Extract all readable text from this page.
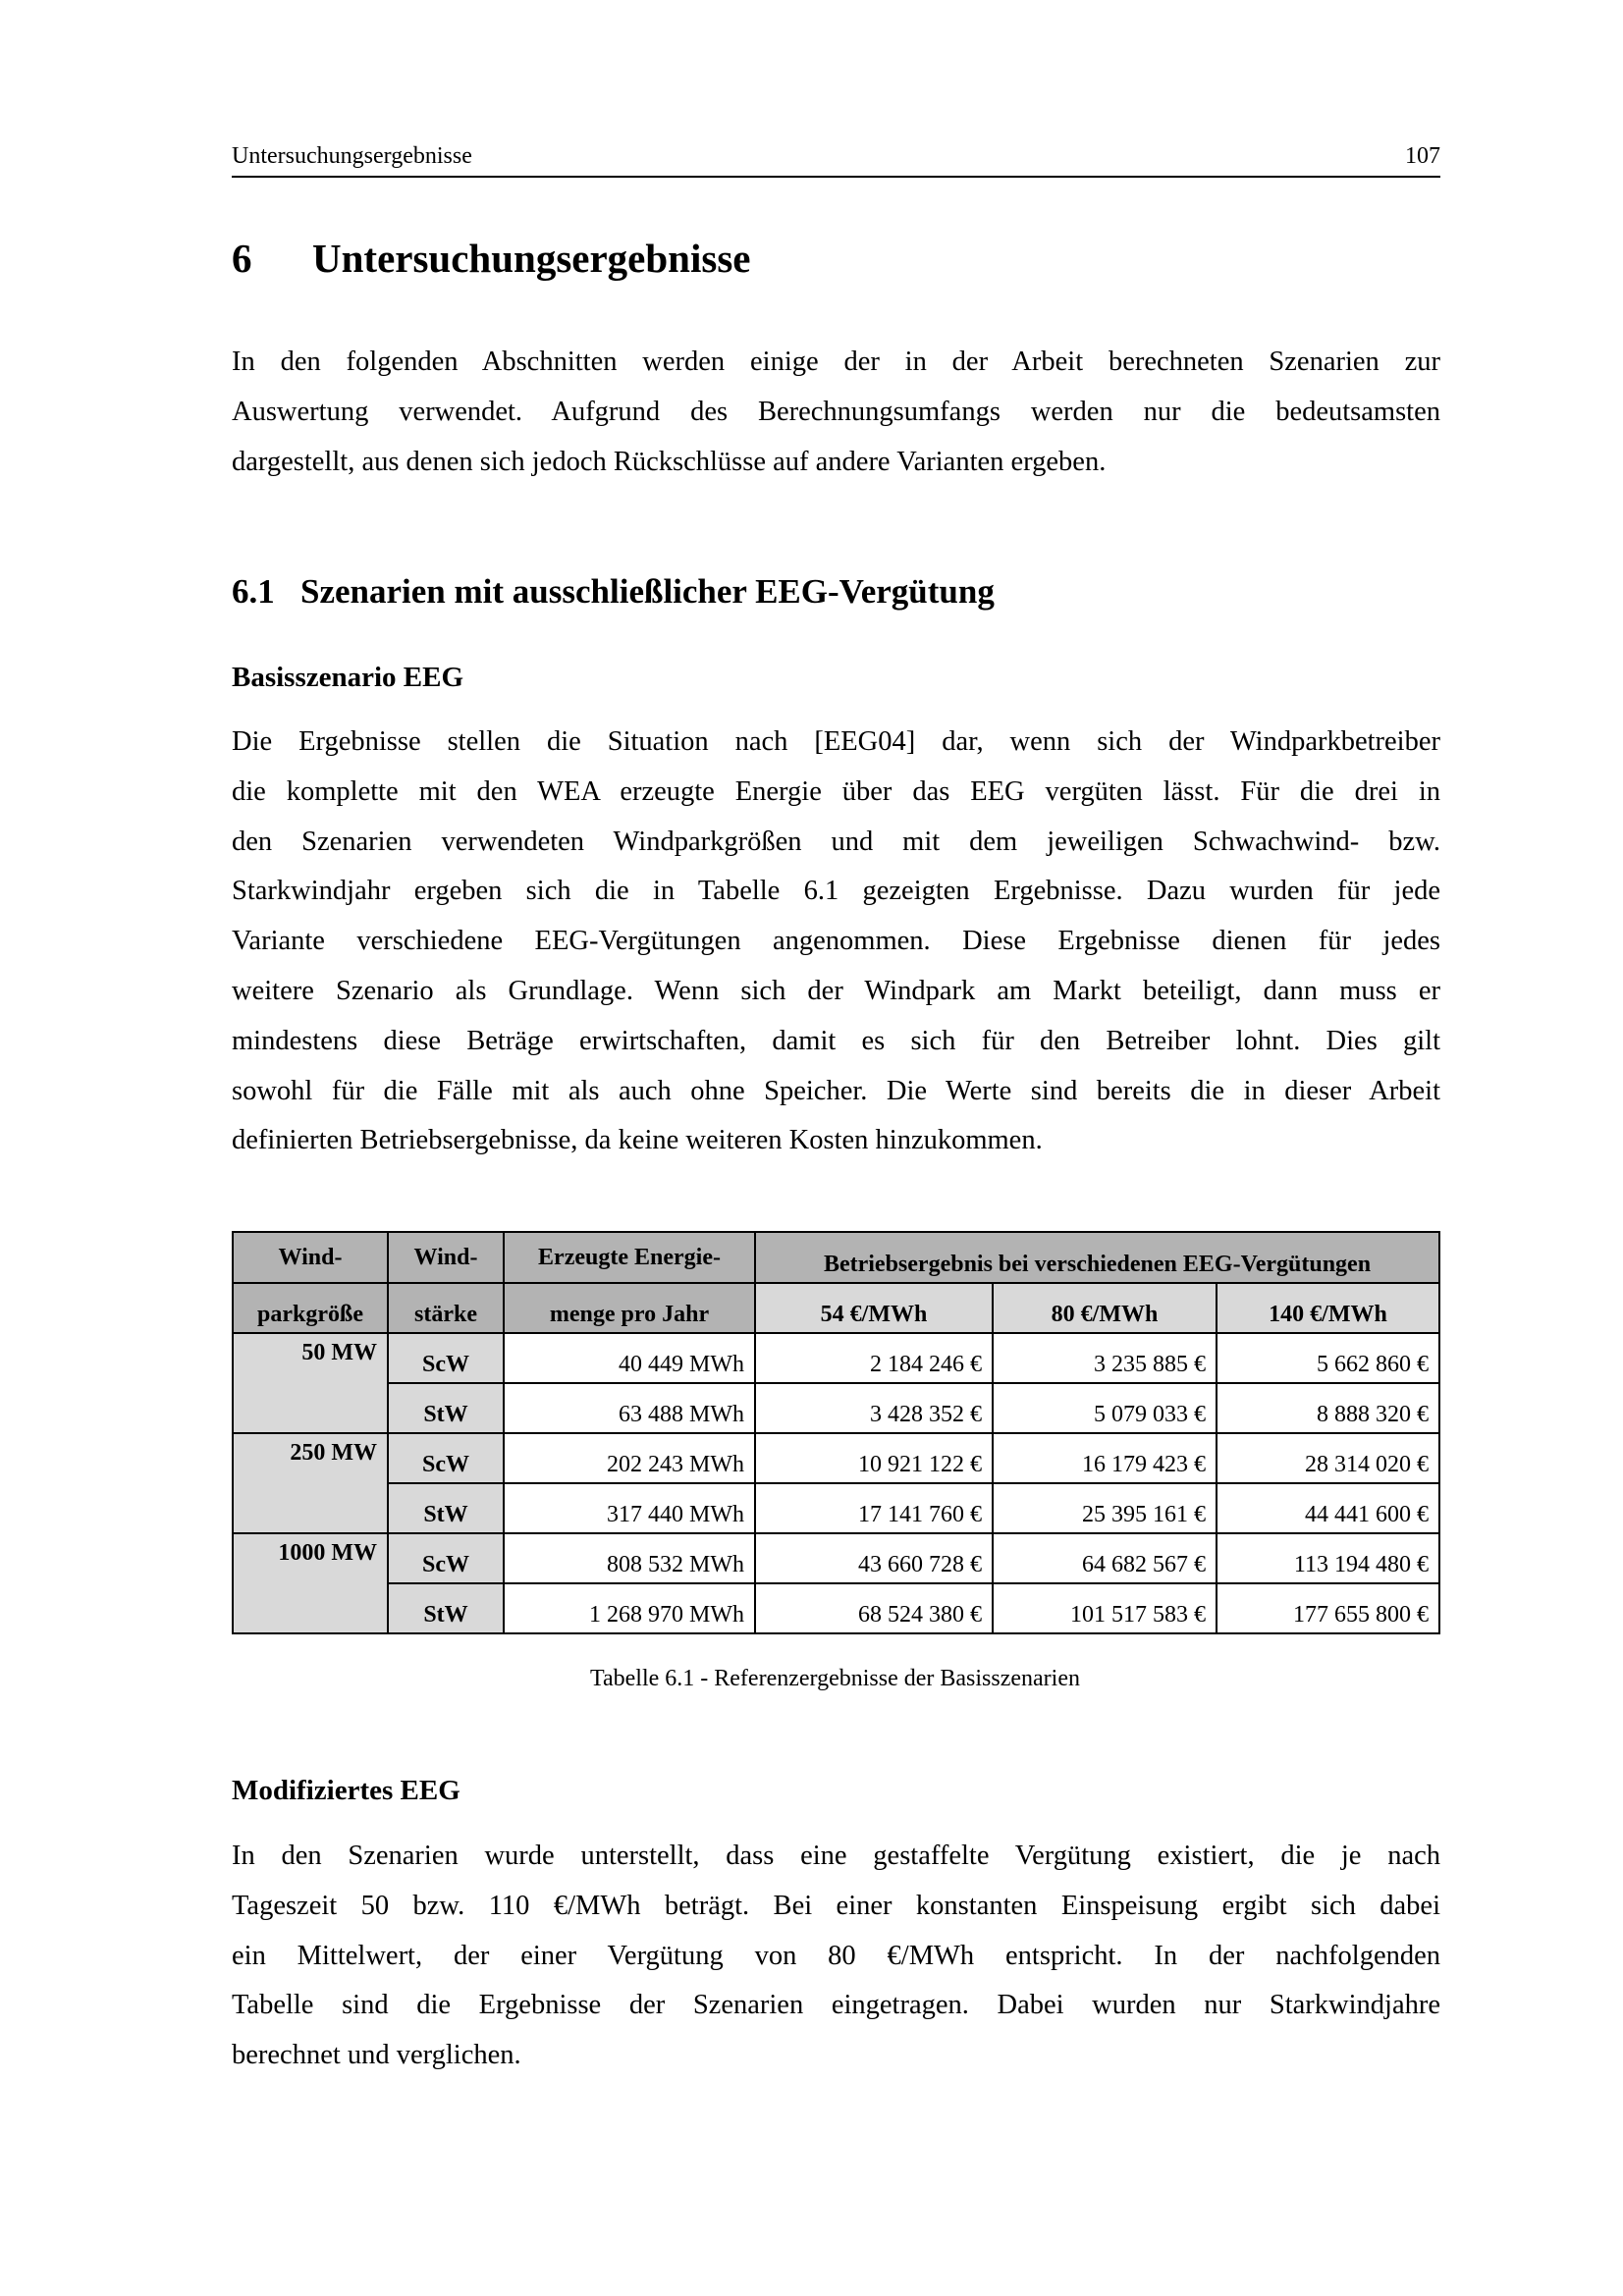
Untersuchungsergebnisse	107
6 Untersuchungsergebnisse
In den folgenden Abschnitten werden einige der in der Arbeit berechneten Szenarien zur
Auswertung verwendet. Aufgrund des Berechnungsumfangs werden nur die bedeutsamsten
dargestellt, aus denen sich jedoch Rückschlüsse auf andere Varianten ergeben.
6.1 Szenarien mit ausschließlicher EEG-Vergütung
Basisszenario EEG
Die Ergebnisse stellen die Situation nach [EEG04] dar, wenn sich der Windparkbetreiber
die komplette mit den WEA erzeugte Energie über das EEG vergüten lässt. Für die drei in
den Szenarien verwendeten Windparkgrößen und mit dem jeweiligen Schwachwind- bzw.
Starkwindjahr ergeben sich die in Tabelle 6.1 gezeigten Ergebnisse. Dazu wurden für jede
Variante verschiedene EEG-Vergütungen angenommen. Diese Ergebnisse dienen für jedes
weitere Szenario als Grundlage. Wenn sich der Windpark am Markt beteiligt, dann muss er
mindestens diese Beträge erwirtschaften, damit es sich für den Betreiber lohnt. Dies gilt
sowohl für die Fälle mit als auch ohne Speicher. Die Werte sind bereits die in dieser Arbeit
definierten Betriebsergebnisse, da keine weiteren Kosten hinzukommen.
Wind-	Wind-	Erzeugte Energie-	Betriebsergebnis bei verschiedenen EEG-Vergütungen		
parkgröße	stärke	menge pro Jahr	54 €/MWh	80 €/MWh	140 €/MWh
50 MW	ScW	40 449 MWh	2 184 246 €	3 235 885 €	5 662 860 €
	StW	63 488 MWh	3 428 352 €	5 079 033 €	8 888 320 €
250 MW	ScW	202 243 MWh	10 921 122 €	16 179 423 €	28 314 020 €
	StW	317 440 MWh	17 141 760 €	25 395 161 €	44 441 600 €
1000 MW	ScW	808 532 MWh	43 660 728 €	64 682 567 €	113 194 480 €
	StW	1 268 970 MWh	68 524 380 €	101 517 583 €	177 655 800 €
Tabelle 6.1 - Referenzergebnisse der Basisszenarien
Modifiziertes EEG
In den Szenarien wurde unterstellt, dass eine gestaffelte Vergütung existiert, die je nach
Tageszeit 50 bzw. 110 €/MWh beträgt. Bei einer konstanten Einspeisung ergibt sich dabei
ein Mittelwert, der einer Vergütung von 80 €/MWh entspricht. In der nachfolgenden
Tabelle sind die Ergebnisse der Szenarien eingetragen. Dabei wurden nur Starkwindjahre
berechnet und verglichen.
